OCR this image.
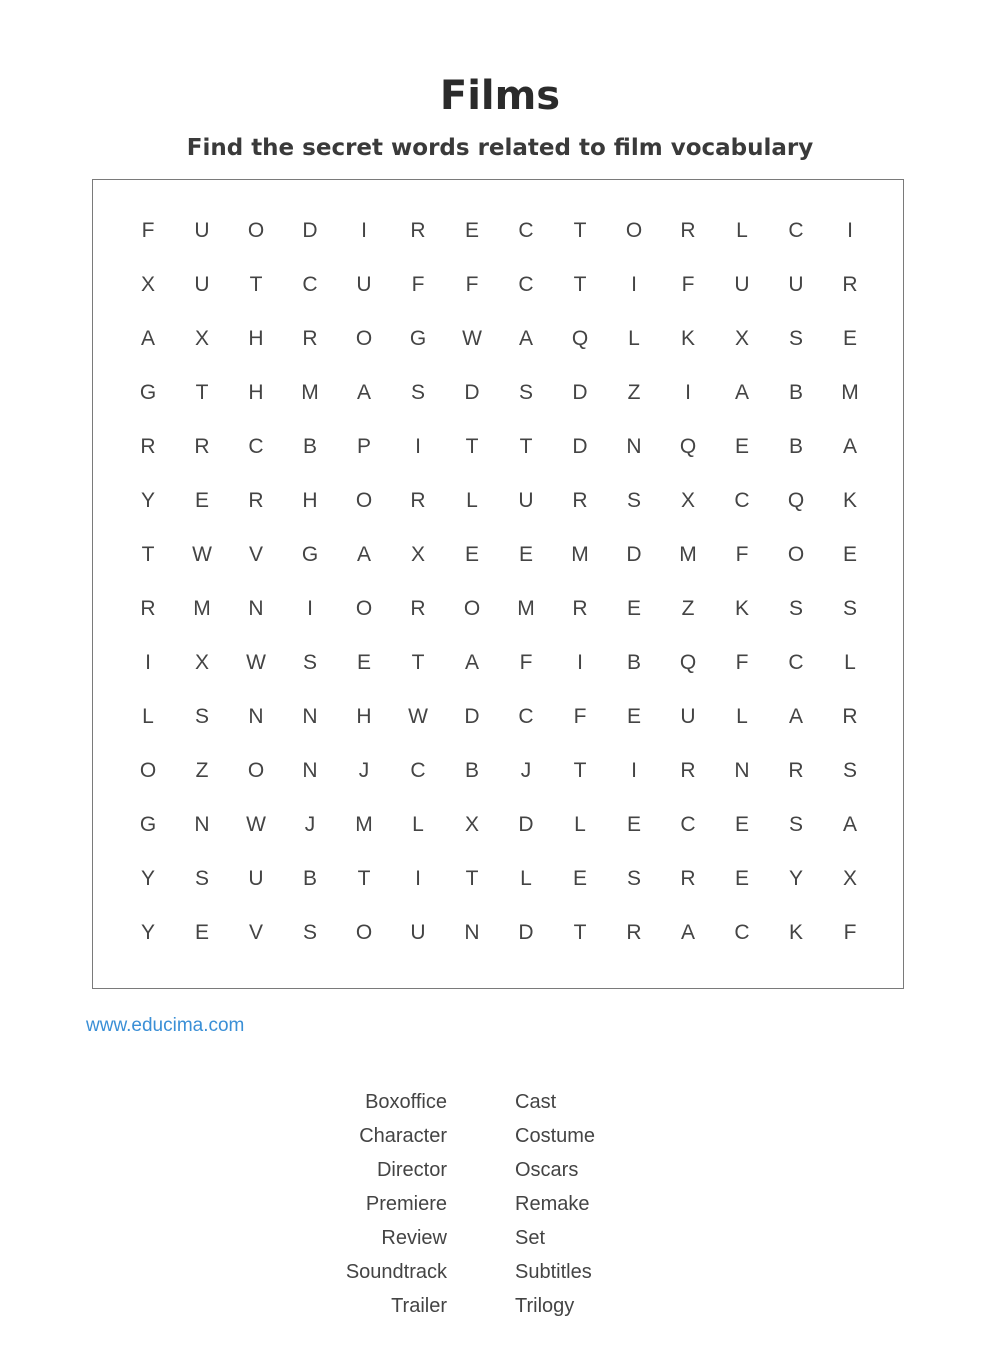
Films
Find the secret words related to film vocabulary
F	U	O	D	I	R	E	C	T	O	R	L	C	I
X	U	T	C	U	F	F	C	T	I	F	U	U	R
A	X	H	R	O	G	W	A	Q	L	K	X	S	E
G	T	H	M	A	S	D	S	D	Z	I	A	B	M
R	R	C	B	P	I	T	T	D	N	Q	E	B	A
Y	E	R	H	O	R	L	U	R	S	X	C	Q	K
T	W	V	G	A	X	E	E	M	D	M	F	O	E
R	M	N	I	O	R	O	M	R	E	Z	K	S	S
I	X	W	S	E	T	A	F	I	B	Q	F	C	L
L	S	N	N	H	W	D	C	F	E	U	L	A	R
O	Z	O	N	J	C	B	J	T	I	R	N	R	S
G	N	W	J	M	L	X	D	L	E	C	E	S	A
Y	S	U	B	T	I	T	L	E	S	R	E	Y	X
Y	E	V	S	O	U	N	D	T	R	A	C	K	F
www.educima.com
Boxoffice
Character
Director
Premiere
Review
Soundtrack
Trailer
Cast
Costume
Oscars
Remake
Set
Subtitles
Trilogy
